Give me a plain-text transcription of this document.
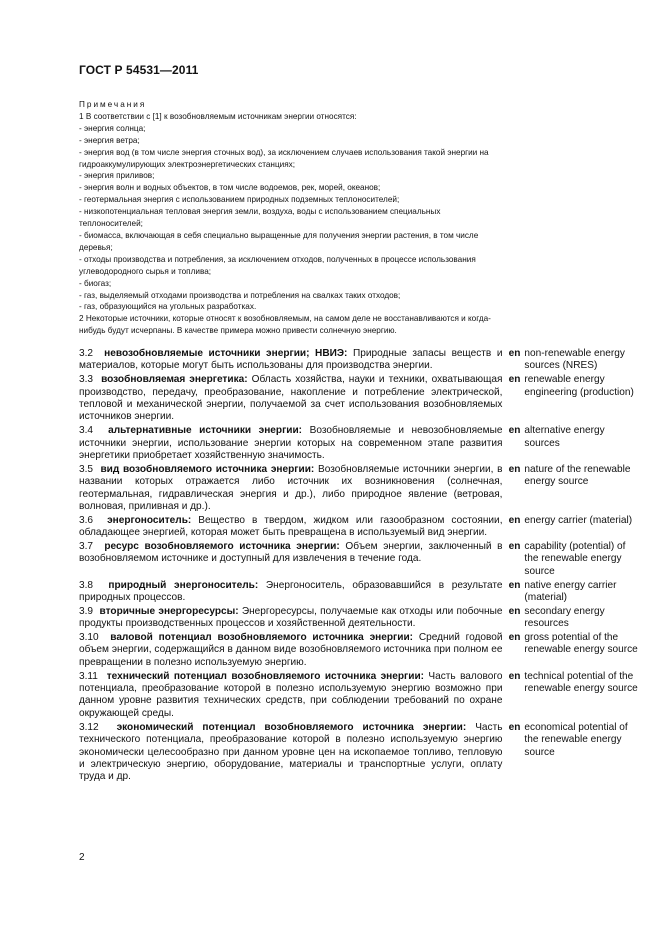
ГОСТ Р 54531—2011
Примечания
1 В соответствии с [1] к возобновляемым источникам энергии относятся:
- энергия солнца;
- энергия ветра;
- энергия вод (в том числе энергия сточных вод), за исключением случаев использования такой энергии на гидроаккумулирующих электроэнергетических станциях;
- энергия приливов;
- энергия волн и водных объектов, в том числе водоемов, рек, морей, океанов;
- геотермальная энергия с использованием природных подземных теплоносителей;
- низкопотенциальная тепловая энергия земли, воздуха, воды с использованием специальных теплоносителей;
- биомасса, включающая в себя специально выращенные для получения энергии растения, в том числе деревья;
- отходы производства и потребления, за исключением отходов, полученных в процессе использования углеводородного сырья и топлива;
- биогаз;
- газ, выделяемый отходами производства и потребления на свалках таких отходов;
- газ, образующийся на угольных разработках.
2 Некоторые источники, которые относят к возобновляемым, на самом деле не восстанавливаются и когда-нибудь будут исчерпаны. В качестве примера можно привести солнечную энергию.
3.2 невозобновляемые источники энергии; НВИЭ: Природные запасы веществ и материалов, которые могут быть использованы для производства энергии.
en non-renewable energy sources (NRES)
3.3 возобновляемая энергетика: Область хозяйства, науки и техники, охватывающая производство, передачу, преобразование, накопление и потребление электрической, тепловой и механической энергии, получаемой за счет использования возобновляемых источников энергии.
en renewable energy engineering (production)
3.4 альтернативные источники энергии: Возобновляемые и невозобновляемые источники энергии, использование энергии которых на современном этапе развития энергетики приобретает хозяйственную значимость.
en alternative energy sources
3.5 вид возобновляемого источника энергии: Возобновляемые источники энергии, в названии которых отражается либо источник их возникновения (солнечная, геотермальная, гидравлическая энергия и др.), либо природное явление (ветровая, волновая, приливная и др.).
en nature of the renewable energy source
3.6 энергоноситель: Вещество в твердом, жидком или газообразном состоянии, обладающее энергией, которая может быть превращена в используемый вид энергии.
en energy carrier (material)
3.7 ресурс возобновляемого источника энергии: Объем энергии, заключенный в возобновляемом источнике и доступный для извлечения в течение года.
en capability (potential) of the renewable energy source
3.8 природный энергоноситель: Энергоноситель, образовавшийся в результате природных процессов.
en native energy carrier (material)
3.9 вторичные энергоресурсы: Энергоресурсы, получаемые как отходы или побочные продукты производственных процессов и хозяйственной деятельности.
en secondary energy resources
3.10 валовой потенциал возобновляемого источника энергии: Средний годовой объем энергии, содержащийся в данном виде возобновляемого источника при полном ее превращении в полезно используемую энергию.
en gross potential of the renewable energy source
3.11 технический потенциал возобновляемого источника энергии: Часть валового потенциала, преобразование которой в полезно используемую энергию возможно при данном уровне развития технических средств, при соблюдении требований по охране окружающей среды.
en technical potential of the renewable energy source
3.12 экономический потенциал возобновляемого источника энергии: Часть технического потенциала, преобразование которой в полезно используемую энергию экономически целесообразно при данном уровне цен на ископаемое топливо, тепловую и электрическую энергию, оборудование, материалы и транспортные услуги, оплату труда и др.
en economical potential of the renewable energy source
2
